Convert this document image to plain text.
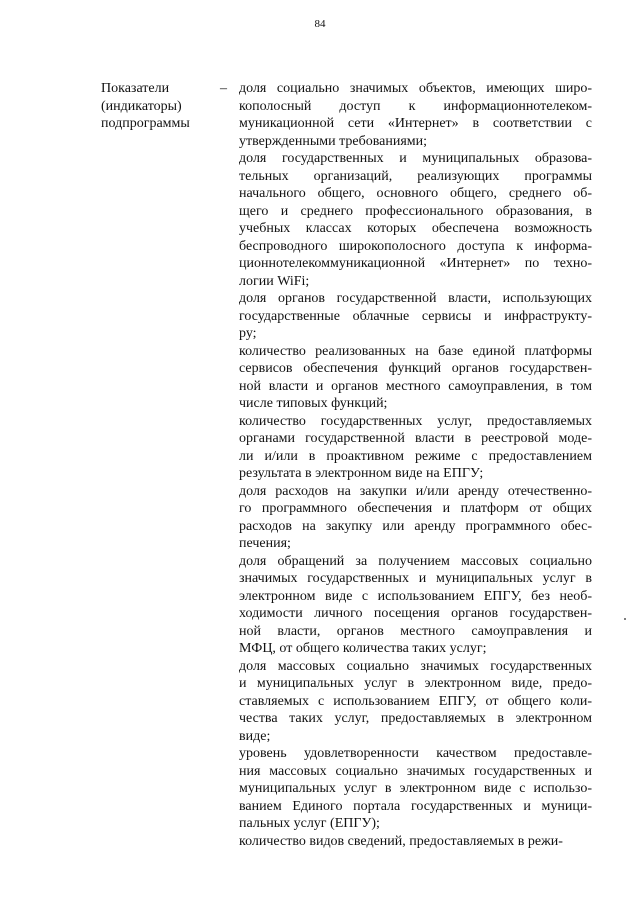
84
Показатели
(индикаторы)
подпрограммы
– доля социально значимых объектов, имеющих широ-
кополосный доступ к информационнотелеком-
муникационной сети «Интернет» в соответствии с
утвержденными требованиями;
доля государственных и муниципальных образова-
тельных организаций, реализующих программы
начального общего, основного общего, среднего об-
щего и среднего профессионального образования, в
учебных классах которых обеспечена возможность
беспроводного широкополосного доступа к информа-
ционнотелекоммуникационной «Интернет» по техно-
логии WiFi;
доля органов государственной власти, использующих
государственные облачные сервисы и инфраструкту-
ру;
количество реализованных на базе единой платформы
сервисов обеспечения функций органов государствен-
ной власти и органов местного самоуправления, в том
числе типовых функций;
количество государственных услуг, предоставляемых
органами государственной власти в реестровой моде-
ли и/или в проактивном режиме с предоставлением
результата в электронном виде на ЕПГУ;
доля расходов на закупки и/или аренду отечественно-
го программного обеспечения и платформ от общих
расходов на закупку или аренду программного обес-
печения;
доля обращений за получением массовых социально
значимых государственных и муниципальных услуг в
электронном виде с использованием ЕПГУ, без необ-
ходимости личного посещения органов государствен-
ной власти, органов местного самоуправления и
МФЦ, от общего количества таких услуг;
доля массовых социально значимых государственных
и муниципальных услуг в электронном виде, предо-
ставляемых с использованием ЕПГУ, от общего коли-
чества таких услуг, предоставляемых в электронном
виде;
уровень удовлетворенности качеством предоставле-
ния массовых социально значимых государственных и
муниципальных услуг в электронном виде с использо-
ванием Единого портала государственных и муници-
пальных услуг (ЕПГУ);
количество видов сведений, предоставляемых в режи-
